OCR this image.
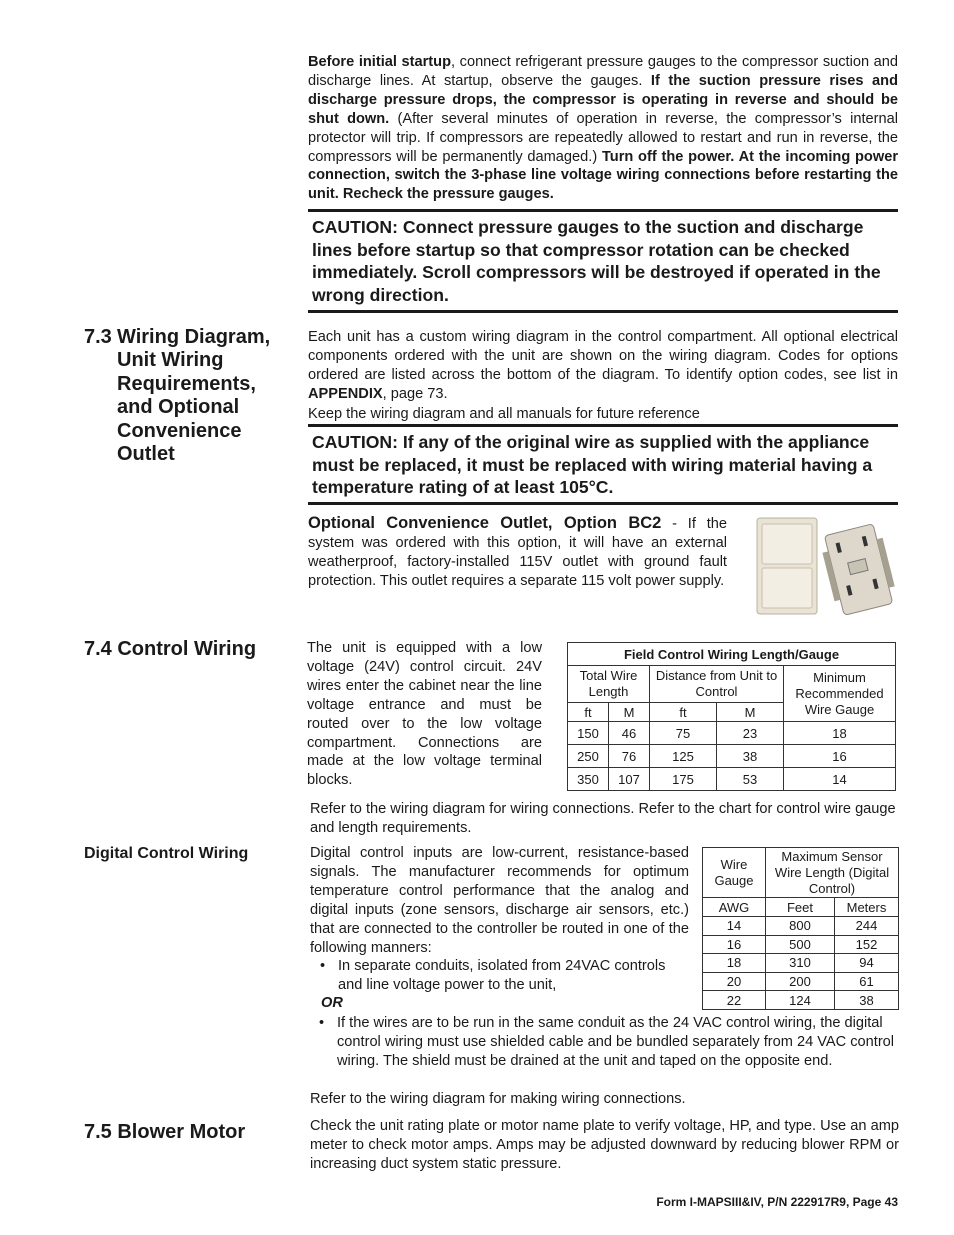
Before initial startup, connect refrigerant pressure gauges to the compressor suction and discharge lines. At startup, observe the gauges. If the suction pressure rises and discharge pressure drops, the compressor is operating in reverse and should be shut down. (After several minutes of operation in reverse, the compressor’s internal protector will trip. If compressors are repeatedly allowed to restart and run in reverse, the compressors will be permanently damaged.) Turn off the power. At the incoming power connection, switch the 3-phase line voltage wiring connections before restarting the unit. Recheck the pressure gauges.
CAUTION: Connect pressure gauges to the suction and discharge lines before startup so that compressor rotation can be checked immediately. Scroll compressors will be destroyed if operated in the wrong direction.
7.3 Wiring Diagram,
Unit Wiring
Requirements,
and Optional
Convenience
Outlet
Each unit has a custom wiring diagram in the control compartment. All optional electrical components ordered with the unit are shown on the wiring diagram. Codes for options ordered are listed across the bottom of the diagram. To identify option codes, see list in APPENDIX, page 73.
Keep the wiring diagram and all manuals for future reference
CAUTION: If any of the original wire as supplied with the appliance must be replaced, it must be replaced with wiring material having a temperature rating of at least 105°C.
Optional Convenience Outlet, Option BC2 - If the system was ordered with this option, it will have an external weatherproof, factory-installed 115V outlet with ground fault protection. This outlet requires a separate 115 volt power supply.
7.4 Control Wiring	The unit is equipped with a low voltage (24V) control circuit. 24V wires enter the cabinet near the line voltage entrance and must be routed over to the low voltage compartment. Connections are made at the low voltage terminal blocks.
Field Control Wiring Length/Gauge				
Total Wire Length		Distance from Unit to Control		Minimum Recommended Wire Gauge
ft	M	ft	M	
150	46	75	23	18
250	76	125	38	16
350	107	175	53	14
Refer to the wiring diagram for wiring connections. Refer to the chart for control wire gauge and length requirements.
Digital Control Wiring	Digital control inputs are low-current, resistance-based signals. The manufacturer recommends for optimum temperature control performance that the analog and digital inputs (zone sensors, discharge air sensors, etc.) that are connected to the controller be routed in one of the following manners:
• In separate conduits, isolated from 24VAC controls and line voltage power to the unit,
OR
• If the wires are to be run in the same conduit as the 24 VAC control wiring, the digital control wiring must use shielded cable and be bundled separately from 24 VAC control wiring. The shield must be drained at the unit and taped on the opposite end.
Refer to the wiring diagram for making wiring connections.
Wire Gauge	Maximum Sensor Wire Length (Digital Control)	
AWG	Feet	Meters
14	800	244
16	500	152
18	310	94
20	200	61
22	124	38
7.5 Blower Motor	Check the unit rating plate or motor name plate to verify voltage, HP, and type. Use an amp meter to check motor amps. Amps may be adjusted downward by reducing blower RPM or increasing duct system static pressure.
Form I-MAPSIII&IV, P/N 222917R9, Page 43
